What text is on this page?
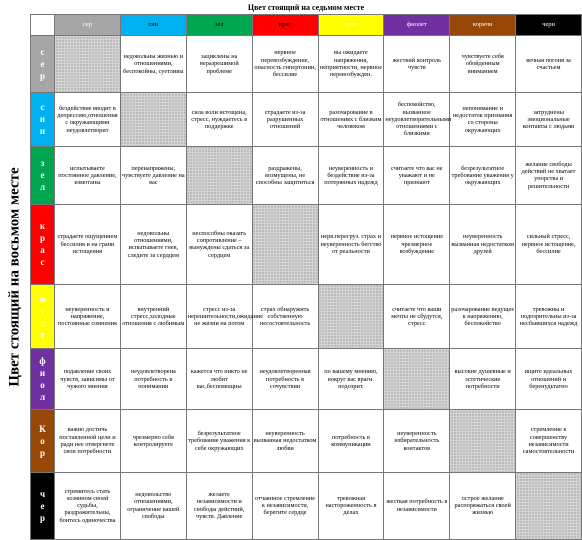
Цвет стоящий на седьмом месте
Цвет стоящий на восьмом месте
	сер	син	зел	крас	желт	фиолет	коричн	черн

с
е
р		недовольны жизнью и отношениями, беспокойны, суетливы	зациклены на неразрешимой проблеме	нервное перевозбуждение, опасность гипертонии, бессилие	вы ожидаете напряжения, неприятности, нервное перевозбужден.	жесткий контроль чувств	чувствуете себя обойденным вниманием	вечная погоня за счастьем

с
и
н	бездействие вводит в депрессию,отношения с окружающими неудовлетворит		сила воли истощена, стресс, нуждаетесь в поддержке	страдаете из-за разрушенных отношений	разочарование в отношениях с близким человеком	беспокойство, вызванное неудовлетворительными отношениями с близкими	непонимание и недостаток признания со стороны окружающих	затруднены эмоциональные контакты с людьми

з
е
л	испытываете постоянное давление, измотаны	перенапряжены, чувствуете давление на вас		раздражены, возмущены, не способны защититься	неуверенность и бездействие из-за потерянных надежд	считаете что вас не уважают и не признают	безрезультатное требование уважения у окружающих	желание свободы действий не хватает упорства и решительности

к
р
а
с	страдаете ощущением бессилия и на грани истощения	недовольны отношениями, испытываете гнев, следите за сердцем	неспособны оказать сопротивление – вынуждены сдаться за сердцем		нерв.перегруз. страх и неуверенность бегство от реальности	нервное истощение чрезмерное возбуждение	неуверенность вызванная недостатком друзей	сильный стресс, нервное истощение, бессилие

ж
е
л
т	неуверенность и напряжение, постоянные сомнения	внутренний стресс,холодные отношения с любимым	стресс из-за нерешительности,ожидание не жизни на потом	страх обнаружить собственную несостоятельность		считаете что ваши мечты не сбудутся, стресс	разочарование ведущее к напряжению, беспокойство	тревожны и подозрительны из-за несбывшихся надежд

ф
и
о
л	подавление своих чувств, зависимы от чужого мнения	неудовлетворена потребность в понимании	кажется что никто не любит вас,беспомощны	неудовлетворенная потребность в сочувствии	по вашему мнению, вокруг вас враги. подозрит.		высокие душевные и эстетические потребности	ищите идеальных отношений и беренудьтатно

К
о
р	важно достичь поставленной цели и ради нее отвергнете свои потребности	чрезмерно себя контролируете	безрезультатное требование уважения к себе окружающих	неуверенность вызванная недостатком любви	потребность в коммуникации	неуверенность избирательность контактов		стремление к совершенству независимости самостоятельности

ч
е
р	стремитесь стать хозяином своей судьбы, раздражительны, боитесь одиночества	недовольство отношениями, ограничение вашей свободы	желаете независимости и свободы действий, чувств. Давление	отчаянное стремление к независимости, берегите сердце	тревожная настороженность в делах	жесткая потребность в независимости	острое желание распоряжаться своей жизнью	
